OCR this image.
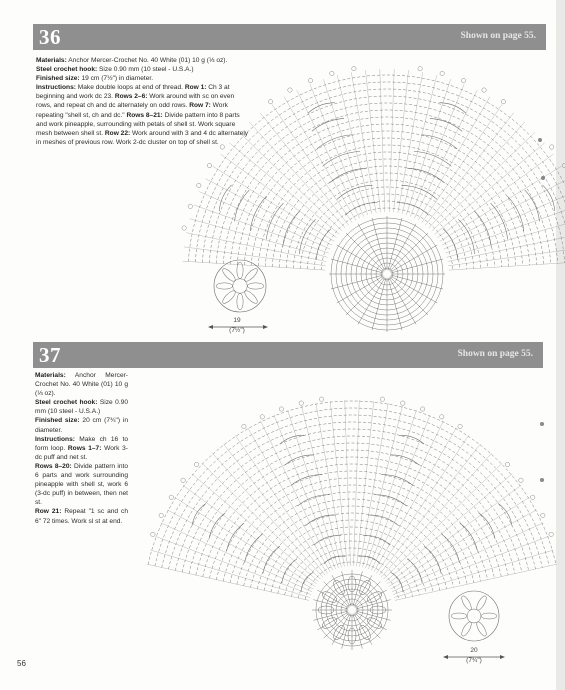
36	Shown on page 55.
Materials: Anchor Mercer-Crochet No. 40 White (01) 10 g (⅓ oz).
Steel crochet hook: Size 0.90 mm (10 steel - U.S.A.)
Finished size: 19 cm (7½") in diameter.
Instructions: Make double loops at end of thread. Row 1: Ch 3 at beginning and work dc 23. Rows 2–6: Work around with sc on even rows, and repeat ch and dc alternately on odd rows. Row 7: Work repeating "shell st, ch and dc." Rows 8–21: Divide pattern into 8 parts and work pineapple, surrounding with petals of shell st. Work square mesh between shell st. Row 22: Work around with 3 and 4 dc alternately in meshes of previous row. Work 2-dc cluster on top of shell st.
19
(7½")
37	Shown on page 55.
Materials: Anchor Mercer-Crochet No. 40 White (01) 10 g (⅓ oz).
Steel crochet hook: Size 0.90 mm (10 steel - U.S.A.)
Finished size: 20 cm (7¾") in diameter.
Instructions: Make ch 16 to form loop. Rows 1–7: Work 3-dc puff and net st.
Rows 8–20: Divide pattern into 6 parts and work surrounding pineapple with shell st, work 6 (3-dc puff) in between, then net st.
Row 21: Repeat "1 sc and ch 6" 72 times. Work sl st at end.
20
(7¾")
56
